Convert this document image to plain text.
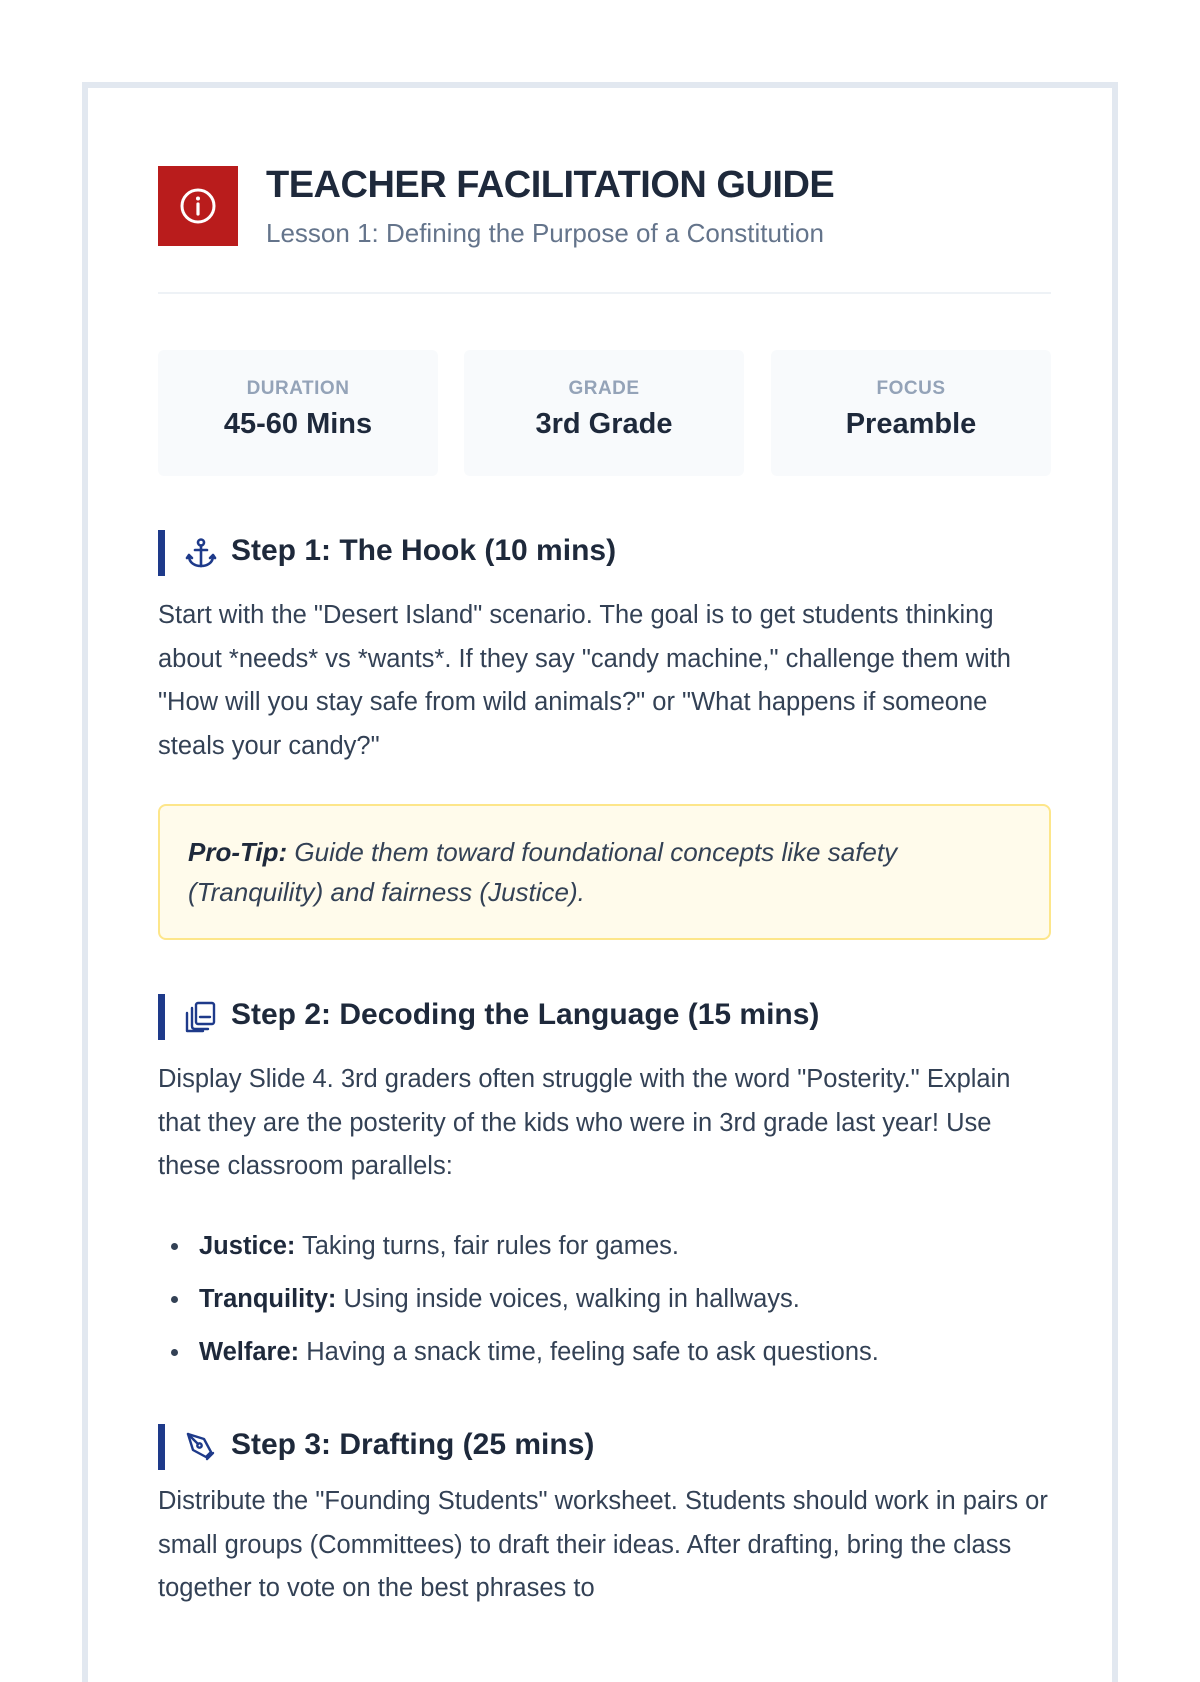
TEACHER FACILITATION GUIDE

Lesson 1: Defining the Purpose of a Constitution

DURATION
45-60 Mins
GRADE
3rd Grade
FOCUS
Preamble
Step 1: The Hook (10 mins)

Start with the "Desert Island" scenario. The goal is to get students thinking about *needs* vs *wants*. If they say "candy machine," challenge them with "How will you stay safe from wild animals?" or "What happens if someone steals your candy?"

Pro-Tip: Guide them toward foundational concepts like safety (Tranquility) and fairness (Justice).

Step 2: Decoding the Language (15 mins)

Display Slide 4. 3rd graders often struggle with the word "Posterity." Explain that they are the posterity of the kids who were in 3rd grade last year! Use these classroom parallels:

Justice: Taking turns, fair rules for games.
Tranquility: Using inside voices, walking in hallways.
Welfare: Having a snack time, feeling safe to ask questions.
Step 3: Drafting (25 mins)

Distribute the "Founding Students" worksheet. Students should work in pairs or small groups (Committees) to draft their ideas. After drafting, bring the class together to vote on the best phrases to
